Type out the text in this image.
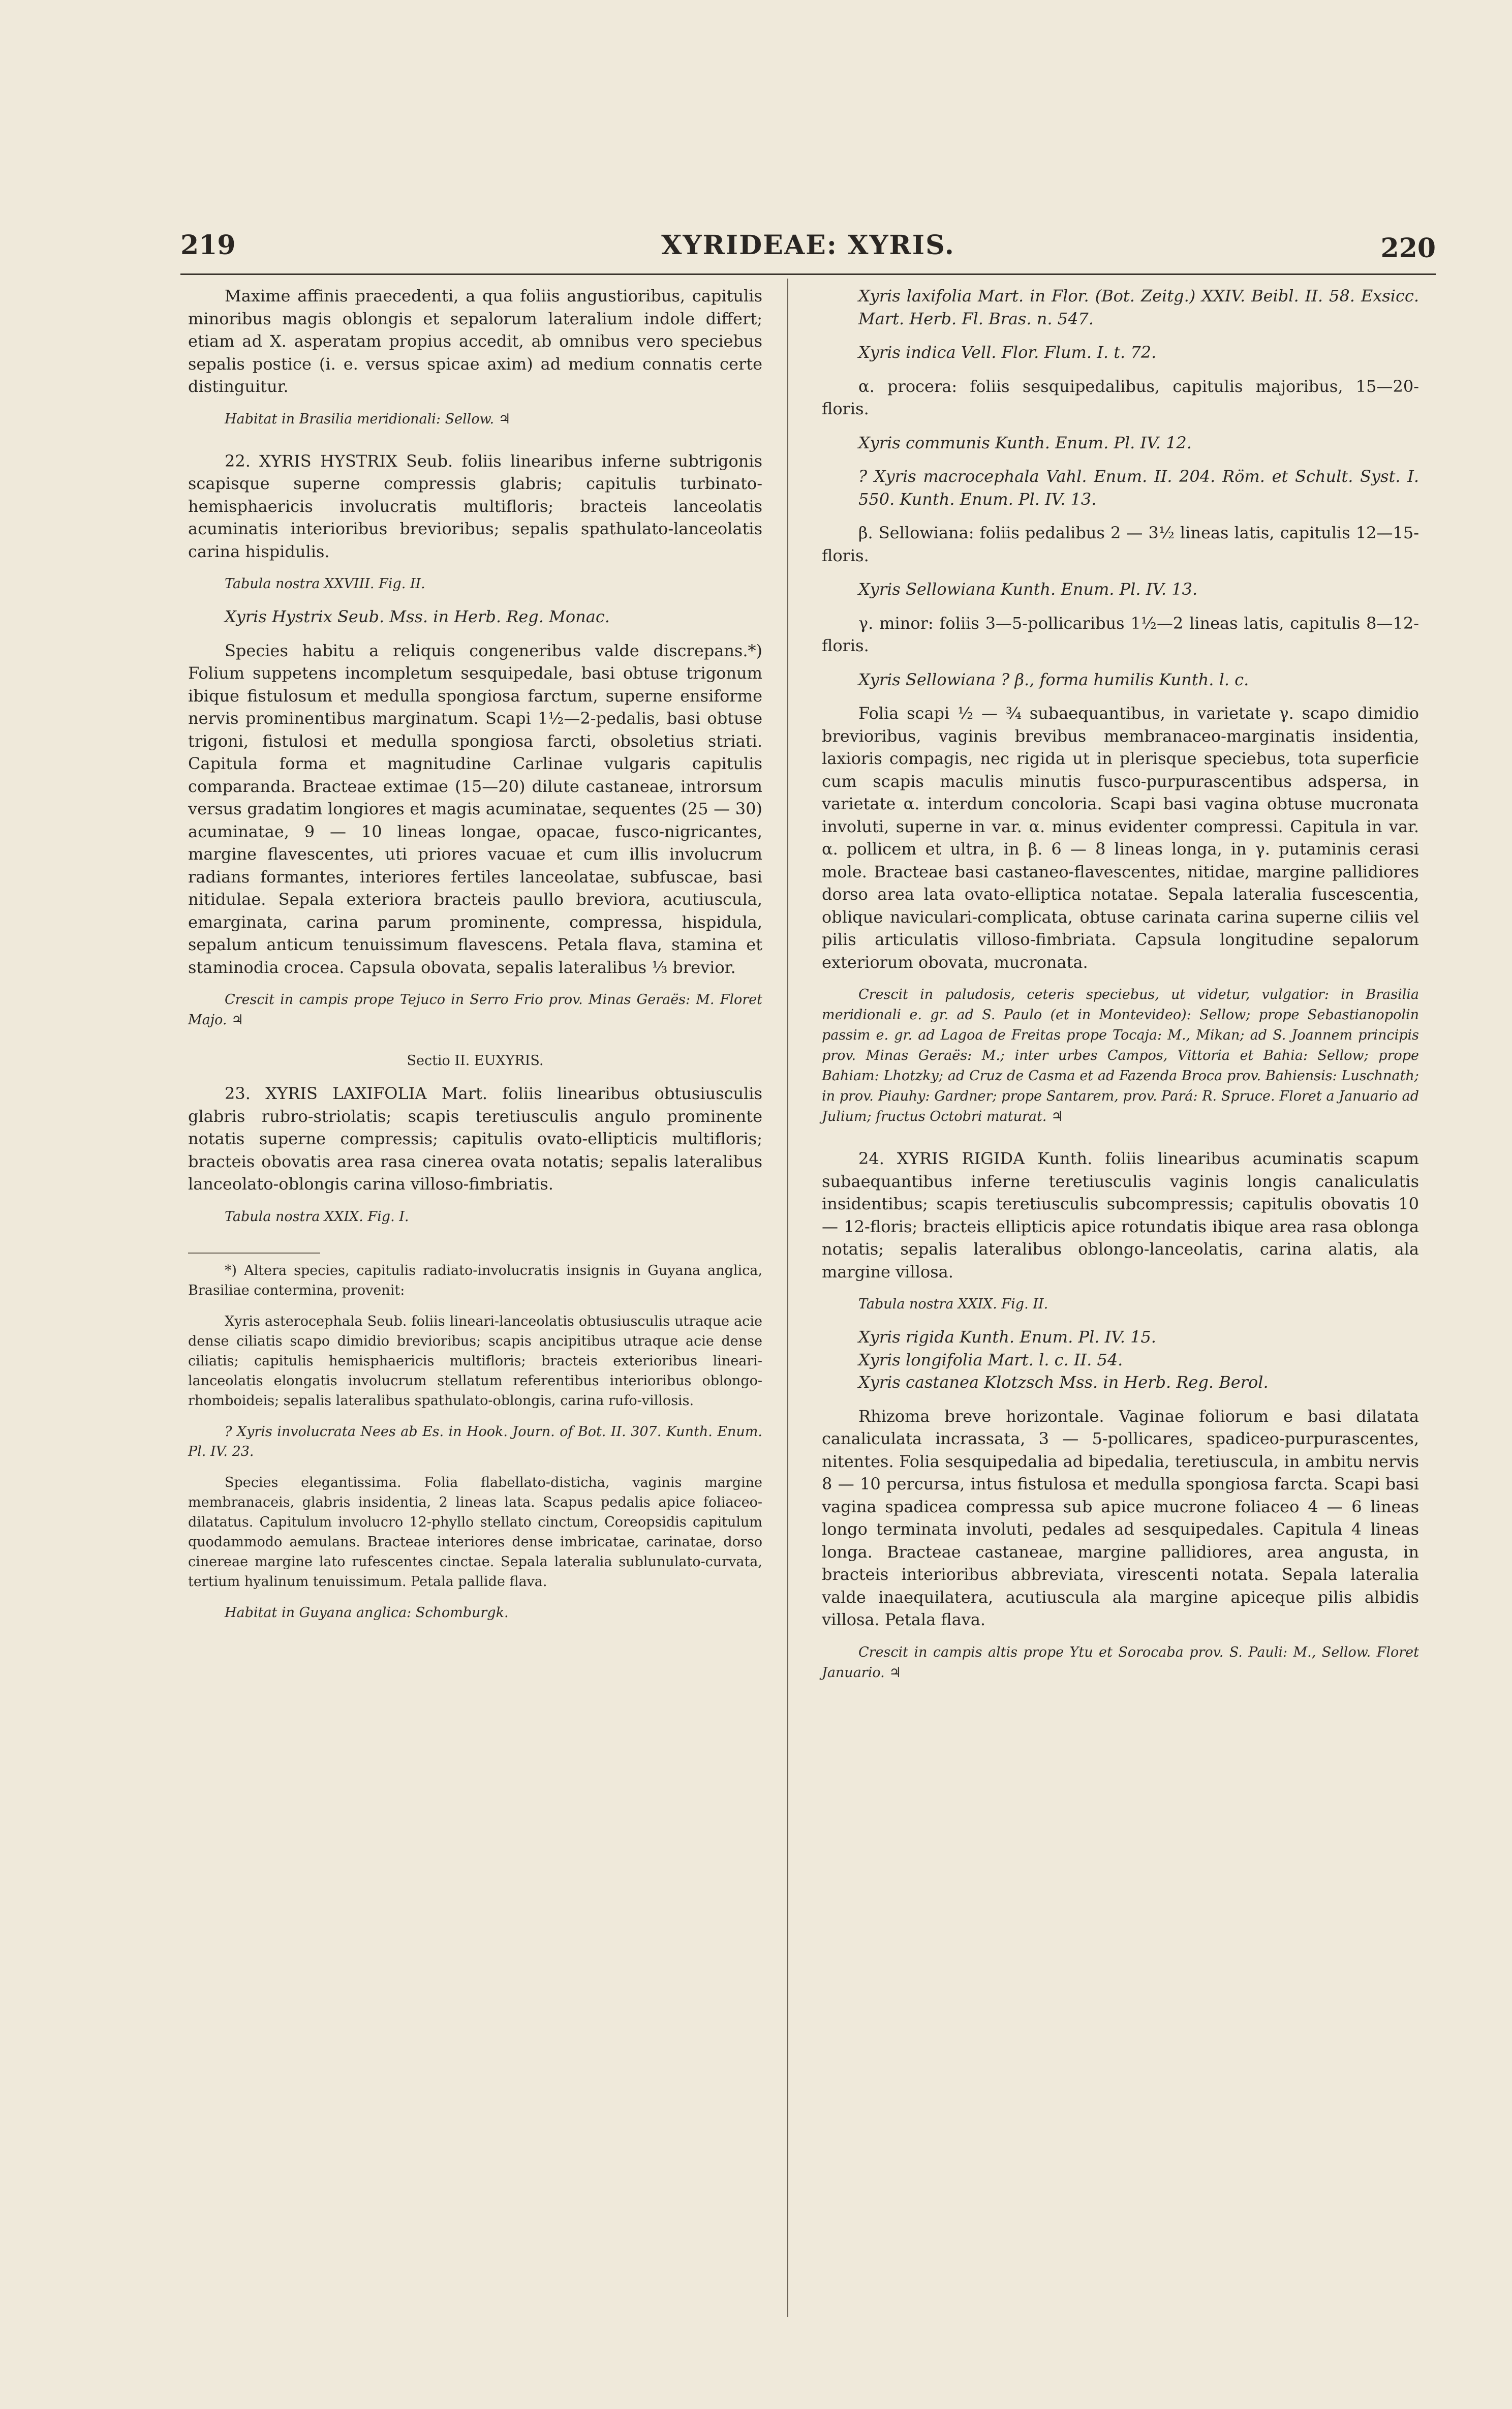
219	XYRIDEAE: XYRIS.	220

Maxime affinis praecedenti, a qua foliis angustioribus, capitulis minoribus magis oblongis et sepalorum lateralium indole differt; etiam ad X. asperatam propius accedit, ab omnibus vero speciebus sepalis postice (i. e. versus spicae axim) ad medium connatis certe distinguitur.

Habitat in Brasilia meridionali: Sellow. ♃

22. XYRIS HYSTRIX Seub. foliis linearibus inferne subtrigonis scapisque superne compressis glabris; capitulis turbinato-hemisphaericis involucratis multifloris; bracteis lanceolatis acuminatis interioribus brevioribus; sepalis spathulato-lanceolatis carina hispidulis.

Tabula nostra XXVIII. Fig. II.

Xyris Hystrix Seub. Mss. in Herb. Reg. Monac.

Species habitu a reliquis congeneribus valde discrepans.*) Folium suppetens incompletum sesquipedale, basi obtuse trigonum ibique fistulosum et medulla spongiosa farctum, superne ensiforme nervis prominentibus marginatum. Scapi 1½—2-pedalis, basi obtuse trigoni, fistulosi et medulla spongiosa farcti, obsoletius striati. Capitula forma et magnitudine Carlinae vulgaris capitulis comparanda. Bracteae extimae (15—20) dilute castaneae, introrsum versus gradatim longiores et magis acuminatae, sequentes (25 — 30) acuminatae, 9 — 10 lineas longae, opacae, fusco-nigricantes, margine flavescentes, uti priores vacuae et cum illis involucrum radians formantes, interiores fertiles lanceolatae, subfuscae, basi nitidulae. Sepala exteriora bracteis paullo breviora, acutiuscula, emarginata, carina parum prominente, compressa, hispidula, sepalum anticum tenuissimum flavescens. Petala flava, stamina et staminodia crocea. Capsula obovata, sepalis lateralibus ⅓ brevior.

Crescit in campis prope Tejuco in Serro Frio prov. Minas Geraës: M. Floret Majo. ♃

Sectio II. EUXYRIS.

23. XYRIS LAXIFOLIA Mart. foliis linearibus obtusiusculis glabris rubro-striolatis; scapis teretiusculis angulo prominente notatis superne compressis; capitulis ovato-ellipticis multifloris; bracteis obovatis area rasa cinerea ovata notatis; sepalis lateralibus lanceolato-oblongis carina villoso-fimbriatis.

Tabula nostra XXIX. Fig. I.

*) Altera species, capitulis radiato-involucratis insignis in Guyana anglica, Brasiliae contermina, provenit:

Xyris asterocephala Seub. foliis lineari-lanceolatis obtusiusculis utraque acie dense ciliatis scapo dimidio brevioribus; scapis ancipitibus utraque acie dense ciliatis; capitulis hemisphaericis multifloris; bracteis exterioribus lineari-lanceolatis elongatis involucrum stellatum referentibus interioribus oblongo-rhomboideis; sepalis lateralibus spathulato-oblongis, carina rufo-villosis.

? Xyris involucrata Nees ab Es. in Hook. Journ. of Bot. II. 307. Kunth. Enum. Pl. IV. 23.

Species elegantissima. Folia flabellato-disticha, vaginis margine membranaceis, glabris insidentia, 2 lineas lata. Scapus pedalis apice foliaceo-dilatatus. Capitulum involucro 12-phyllo stellato cinctum, Coreopsidis capitulum quodammodo aemulans. Bracteae interiores dense imbricatae, carinatae, dorso cinereae margine lato rufescentes cinctae. Sepala lateralia sublunulato-curvata, tertium hyalinum tenuissimum. Petala pallide flava.

Habitat in Guyana anglica: Schomburgk.

Xyris laxifolia Mart. in Flor. (Bot. Zeitg.) XXIV. Beibl. II. 58. Exsicc. Mart. Herb. Fl. Bras. n. 547.

Xyris indica Vell. Flor. Flum. I. t. 72.

α. procera: foliis sesquipedalibus, capitulis majoribus, 15—20-floris.

Xyris communis Kunth. Enum. Pl. IV. 12.

? Xyris macrocephala Vahl. Enum. II. 204. Röm. et Schult. Syst. I. 550. Kunth. Enum. Pl. IV. 13.

β. Sellowiana: foliis pedalibus 2 — 3½ lineas latis, capitulis 12—15-floris.

Xyris Sellowiana Kunth. Enum. Pl. IV. 13.

γ. minor: foliis 3—5-pollicaribus 1½—2 lineas latis, capitulis 8—12-floris.

Xyris Sellowiana ? β., forma humilis Kunth. l. c.

Folia scapi ½ — ¾ subaequantibus, in varietate γ. scapo dimidio brevioribus, vaginis brevibus membranaceo-marginatis insidentia, laxioris compagis, nec rigida ut in plerisque speciebus, tota superficie cum scapis maculis minutis fusco-purpurascentibus adspersa, in varietate α. interdum concoloria. Scapi basi vagina obtuse mucronata involuti, superne in var. α. minus evidenter compressi. Capitula in var. α. pollicem et ultra, in β. 6 — 8 lineas longa, in γ. putaminis cerasi mole. Bracteae basi castaneo-flavescentes, nitidae, margine pallidiores dorso area lata ovato-elliptica notatae. Sepala lateralia fuscescentia, oblique naviculari-complicata, obtuse carinata carina superne ciliis vel pilis articulatis villoso-fimbriata. Capsula longitudine sepalorum exteriorum obovata, mucronata.

Crescit in paludosis, ceteris speciebus, ut videtur, vulgatior: in Brasilia meridionali e. gr. ad S. Paulo (et in Montevideo): Sellow; prope Sebastianopolin passim e. gr. ad Lagoa de Freitas prope Tocaja: M., Mikan; ad S. Joannem principis prov. Minas Geraës: M.; inter urbes Campos, Vittoria et Bahia: Sellow; prope Bahiam: Lhotzky; ad Cruz de Casma et ad Fazenda Broca prov. Bahiensis: Luschnath; in prov. Piauhy: Gardner; prope Santarem, prov. Pará: R. Spruce. Floret a Januario ad Julium; fructus Octobri maturat. ♃

24. XYRIS RIGIDA Kunth. foliis linearibus acuminatis scapum subaequantibus inferne teretiusculis vaginis longis canaliculatis insidentibus; scapis teretiusculis subcompressis; capitulis obovatis 10 — 12-floris; bracteis ellipticis apice rotundatis ibique area rasa oblonga notatis; sepalis lateralibus oblongo-lanceolatis, carina alatis, ala margine villosa.

Tabula nostra XXIX. Fig. II.

Xyris rigida Kunth. Enum. Pl. IV. 15.

Xyris longifolia Mart. l. c. II. 54.

Xyris castanea Klotzsch Mss. in Herb. Reg. Berol.

Rhizoma breve horizontale. Vaginae foliorum e basi dilatata canaliculata incrassata, 3 — 5-pollicares, spadiceo-purpurascentes, nitentes. Folia sesquipedalia ad bipedalia, teretiuscula, in ambitu nervis 8 — 10 percursa, intus fistulosa et medulla spongiosa farcta. Scapi basi vagina spadicea compressa sub apice mucrone foliaceo 4 — 6 lineas longo terminata involuti, pedales ad sesquipedales. Capitula 4 lineas longa. Bracteae castaneae, margine pallidiores, area angusta, in bracteis interioribus abbreviata, virescenti notata. Sepala lateralia valde inaequilatera, acutiuscula ala margine apiceque pilis albidis villosa. Petala flava.

Crescit in campis altis prope Ytu et Sorocaba prov. S. Pauli: M., Sellow. Floret Januario. ♃
